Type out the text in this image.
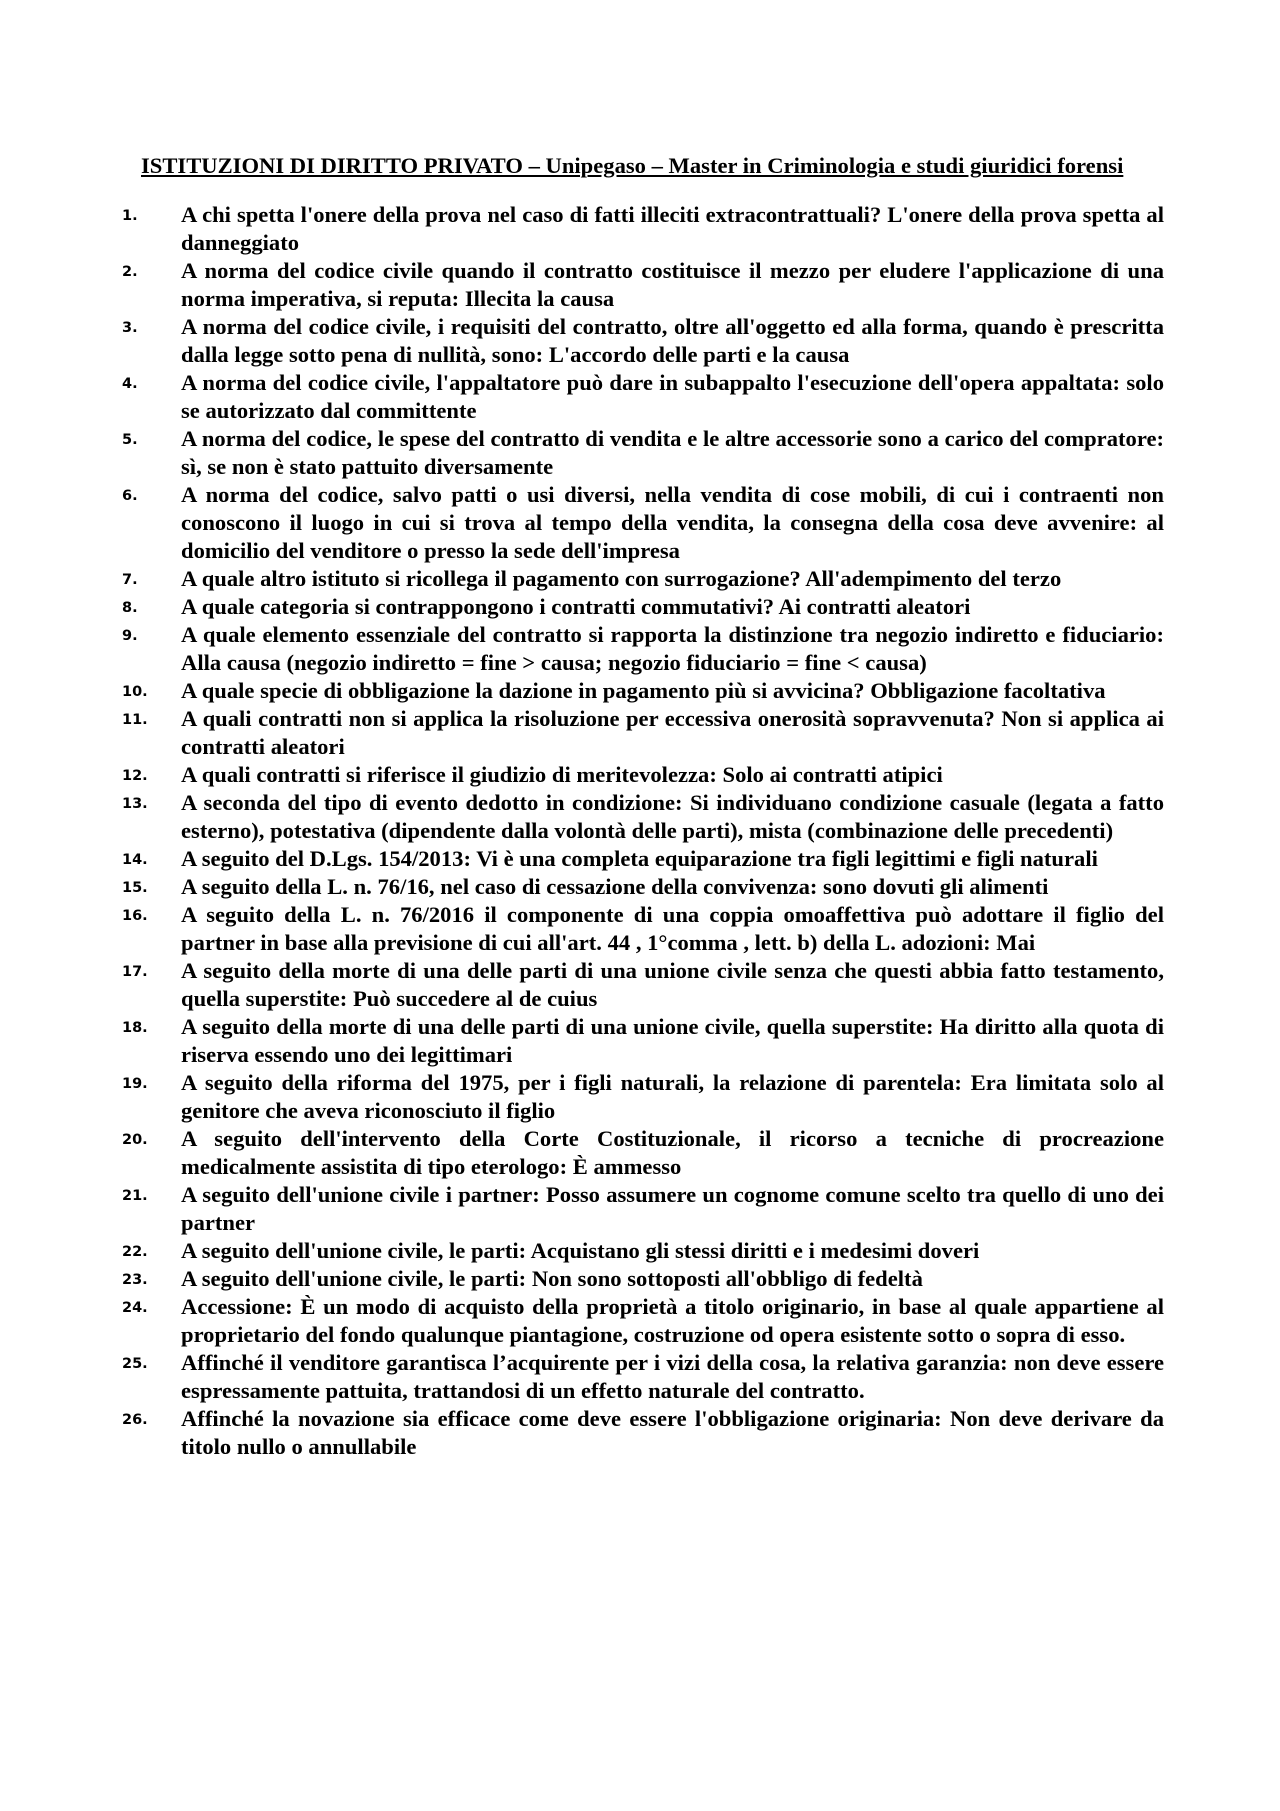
ISTITUZIONI DI DIRITTO PRIVATO – Unipegaso – Master in Criminologia e studi giuridici forensi
1. A chi spetta l'onere della prova nel caso di fatti illeciti extracontrattuali? L'onere della prova spetta al danneggiato
2. A norma del codice civile quando il contratto costituisce il mezzo per eludere l'applicazione di una norma imperativa, si reputa: Illecita la causa
3. A norma del codice civile, i requisiti del contratto, oltre all'oggetto ed alla forma, quando è prescritta dalla legge sotto pena di nullità, sono: L'accordo delle parti e la causa
4. A norma del codice civile, l'appaltatore può dare in subappalto l'esecuzione dell'opera appaltata: solo se autorizzato dal committente
5. A norma del codice, le spese del contratto di vendita e le altre accessorie sono a carico del compratore: sì, se non è stato pattuito diversamente
6. A norma del codice, salvo patti o usi diversi, nella vendita di cose mobili, di cui i contraenti non conoscono il luogo in cui si trova al tempo della vendita, la consegna della cosa deve avvenire: al domicilio del venditore o presso la sede dell'impresa
7. A quale altro istituto si ricollega il pagamento con surrogazione? All'adempimento del terzo
8. A quale categoria si contrappongono i contratti commutativi? Ai contratti aleatori
9. A quale elemento essenziale del contratto si rapporta la distinzione tra negozio indiretto e fiduciario: Alla causa (negozio indiretto = fine > causa; negozio fiduciario = fine < causa)
10. A quale specie di obbligazione la dazione in pagamento più si avvicina? Obbligazione facoltativa
11. A quali contratti non si applica la risoluzione per eccessiva onerosità sopravvenuta? Non si applica ai contratti aleatori
12. A quali contratti si riferisce il giudizio di meritevolezza: Solo ai contratti atipici
13. A seconda del tipo di evento dedotto in condizione: Si individuano condizione casuale (legata a fatto esterno), potestativa (dipendente dalla volontà delle parti), mista (combinazione delle precedenti)
14. A seguito del D.Lgs. 154/2013: Vi è una completa equiparazione tra figli legittimi e figli naturali
15. A seguito della L. n. 76/16, nel caso di cessazione della convivenza: sono dovuti gli alimenti
16. A seguito della L. n. 76/2016 il componente di una coppia omoaffettiva può adottare il figlio del partner in base alla previsione di cui all'art. 44 , 1°comma , lett. b) della L. adozioni: Mai
17. A seguito della morte di una delle parti di una unione civile senza che questi abbia fatto testamento, quella superstite: Può succedere al de cuius
18. A seguito della morte di una delle parti di una unione civile, quella superstite: Ha diritto alla quota di riserva essendo uno dei legittimari
19. A seguito della riforma del 1975, per i figli naturali, la relazione di parentela: Era limitata solo al genitore che aveva riconosciuto il figlio
20. A seguito dell'intervento della Corte Costituzionale, il ricorso a tecniche di procreazione medicalmente assistita di tipo eterologo: È ammesso
21. A seguito dell'unione civile i partner: Posso assumere un cognome comune scelto tra quello di uno dei partner
22. A seguito dell'unione civile, le parti: Acquistano gli stessi diritti e i medesimi doveri
23. A seguito dell'unione civile, le parti: Non sono sottoposti all'obbligo di fedeltà
24. Accessione: È un modo di acquisto della proprietà a titolo originario, in base al quale appartiene al proprietario del fondo qualunque piantagione, costruzione od opera esistente sotto o sopra di esso.
25. Affinché il venditore garantisca l’acquirente per i vizi della cosa, la relativa garanzia: non deve essere espressamente pattuita, trattandosi di un effetto naturale del contratto.
26. Affinché la novazione sia efficace come deve essere l'obbligazione originaria: Non deve derivare da titolo nullo o annullabile
